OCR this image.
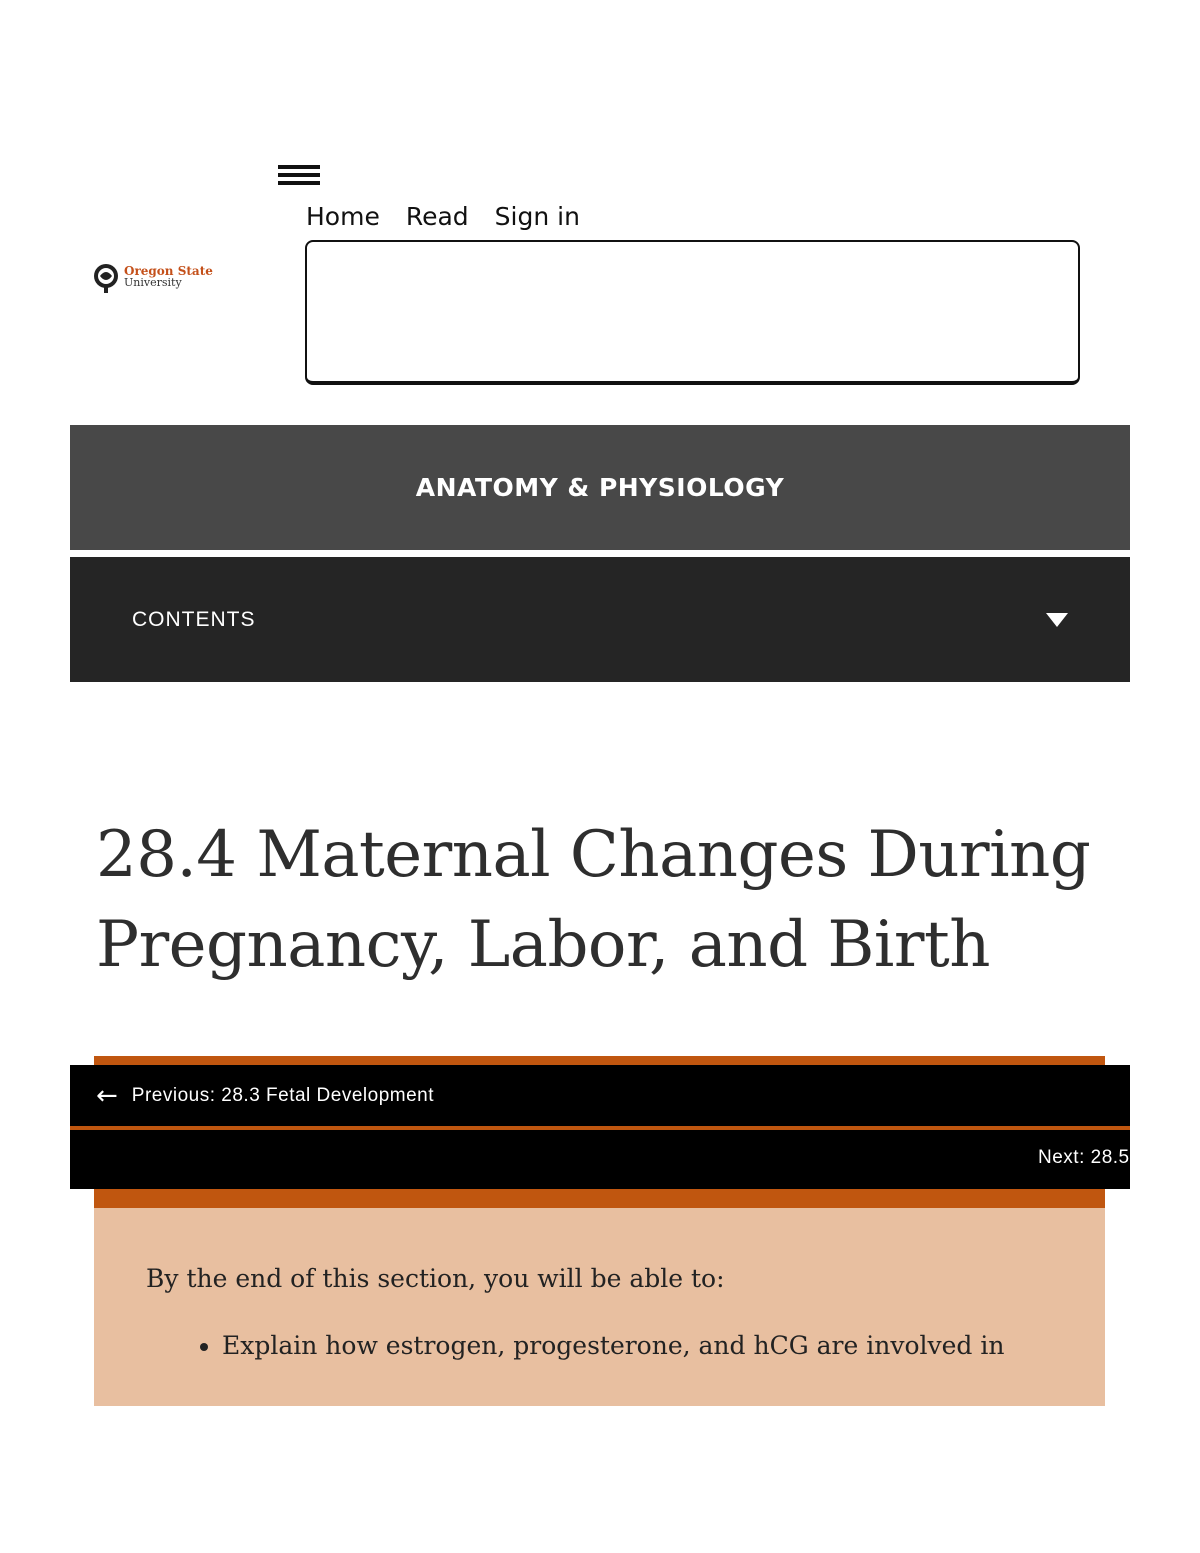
Home Read Sign in
Oregon State
University
ANATOMY & PHYSIOLOGY
CONTENTS
28.4 Maternal Changes During
Pregnancy, Labor, and Birth
← Previous: 28.3 Fetal Development
Next: 28.5

By the end of this section, you will be able to:

• Explain how estrogen, progesterone, and hCG are involved in
